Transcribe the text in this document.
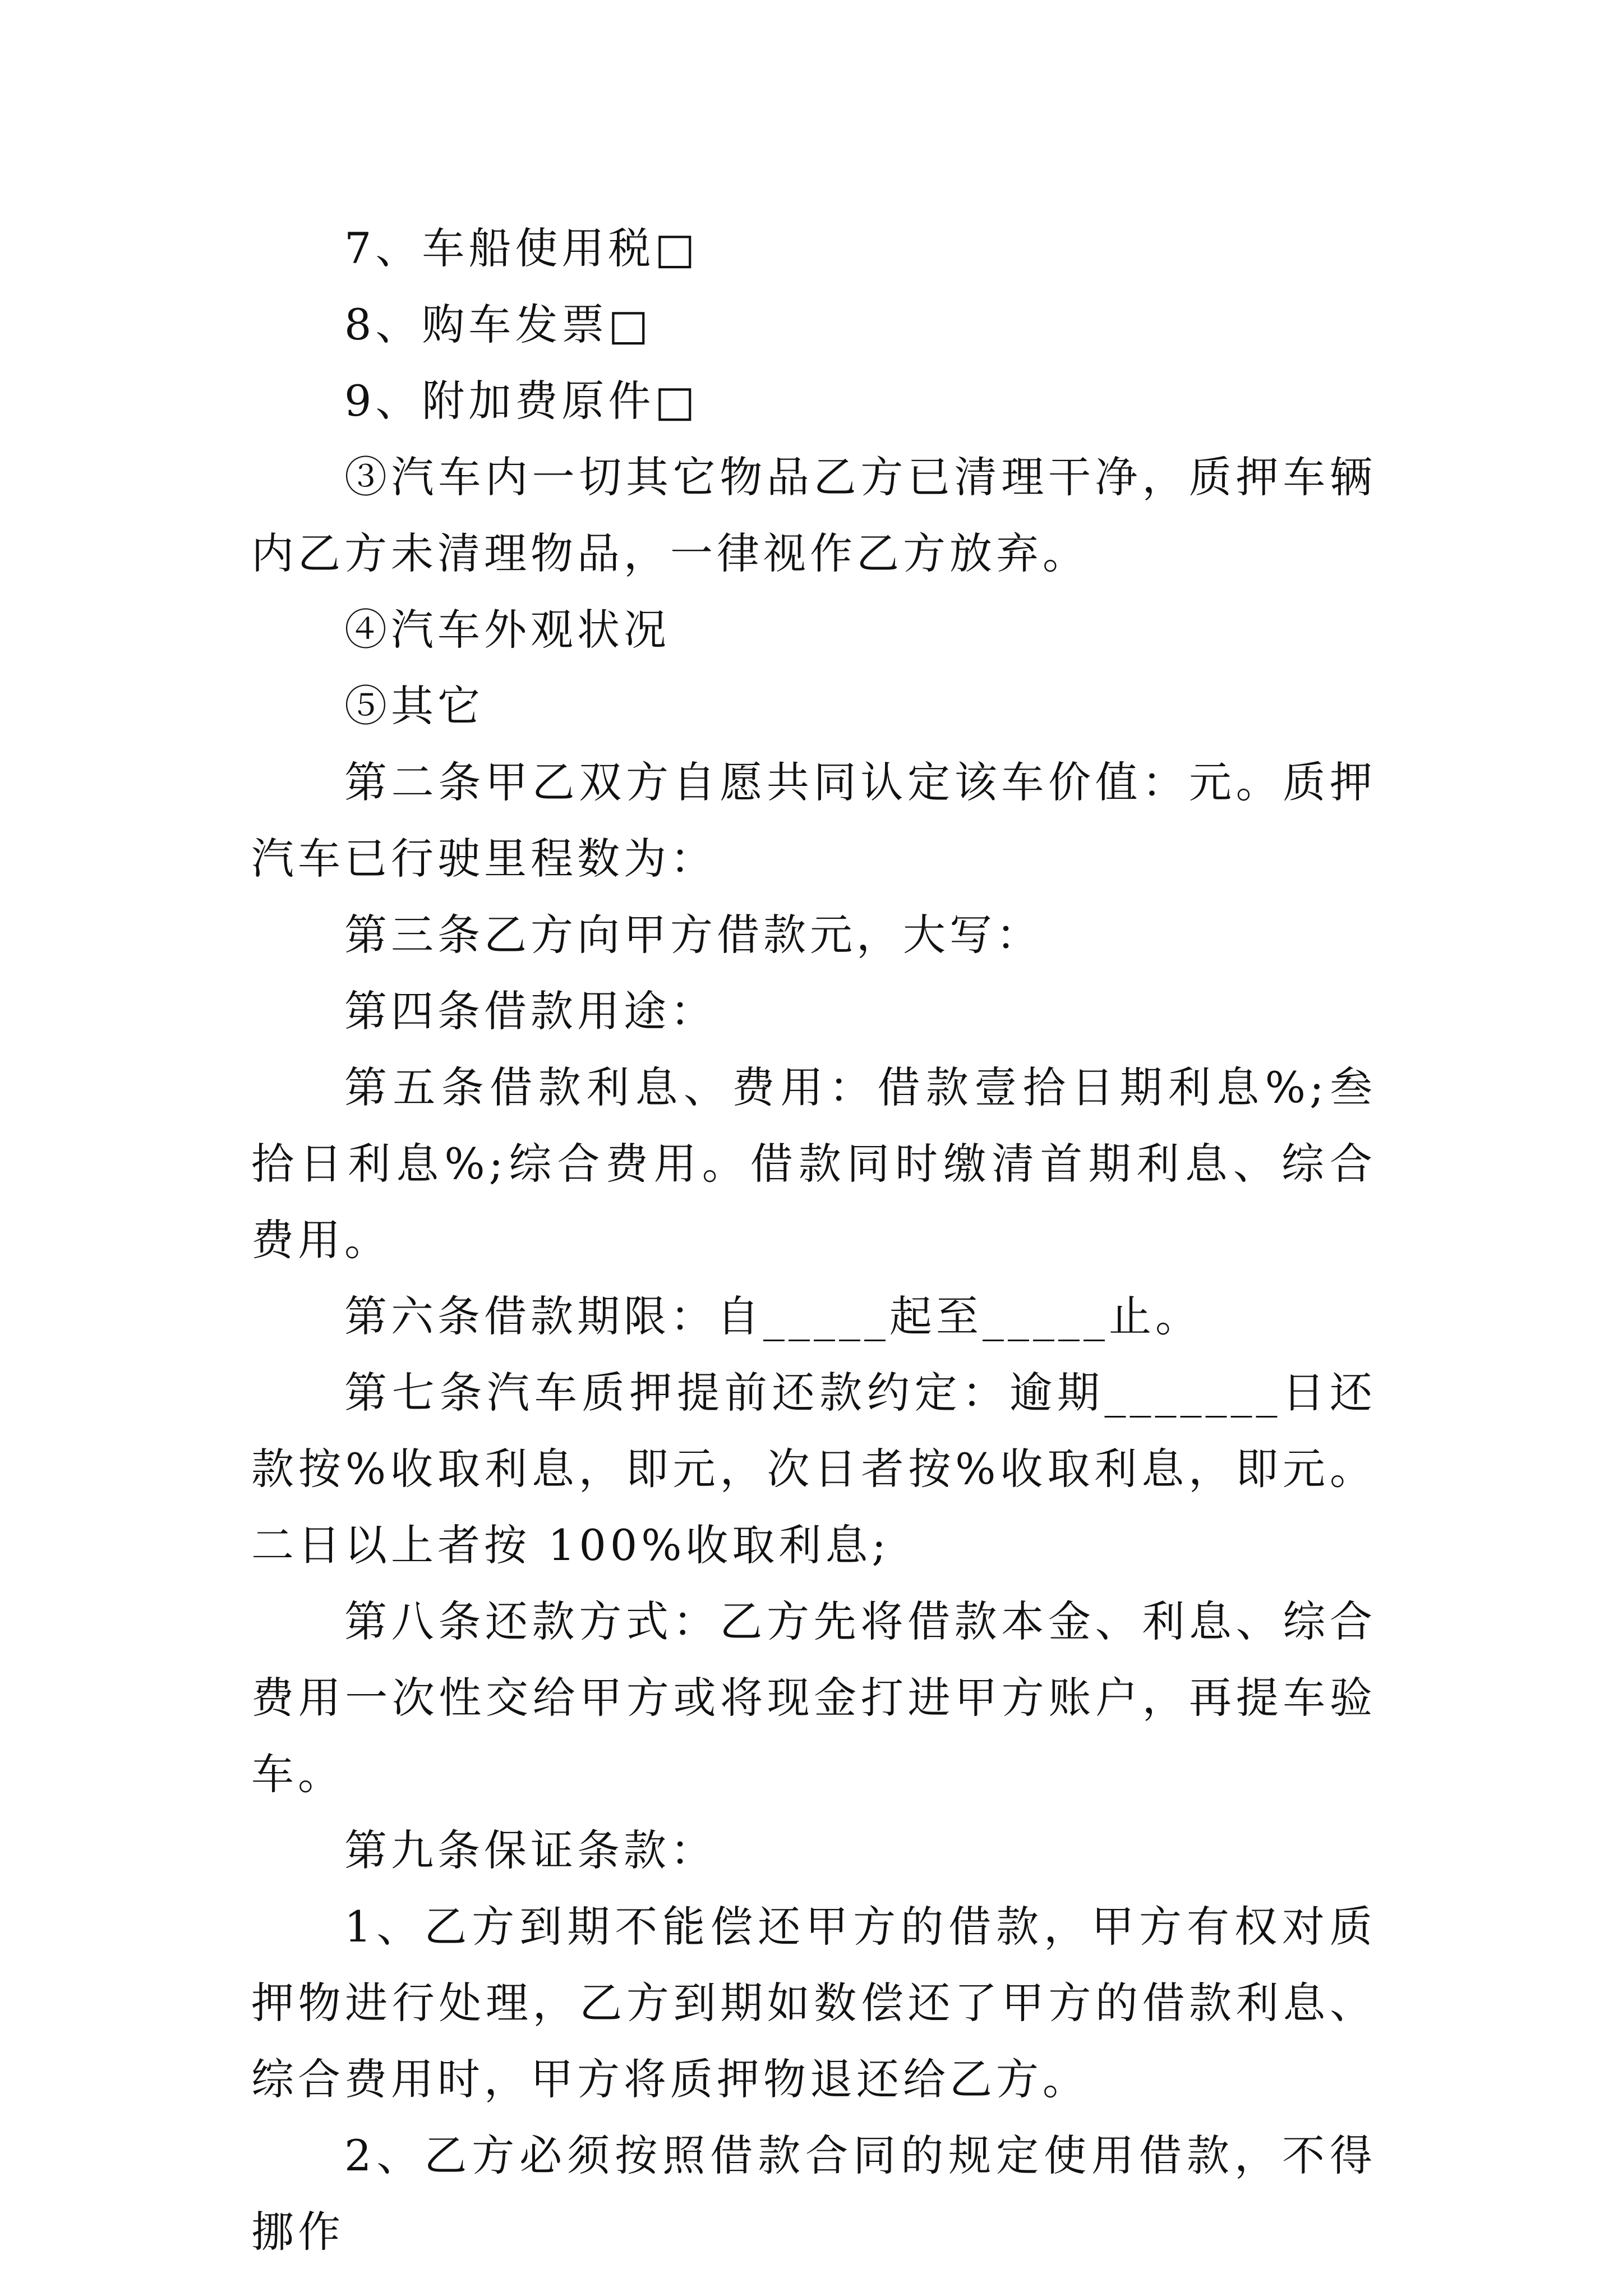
7、车船使用税□

8、购车发票□

9、附加费原件□

③汽车内一切其它物品乙方已清理干净，质押车辆内乙方未清理物品，一律视作乙方放弃。

④汽车外观状况

⑤其它

第二条甲乙双方自愿共同认定该车价值：元。质押汽车已行驶里程数为：

第三条乙方向甲方借款元，大写：

第四条借款用途：

第五条借款利息、费用：借款壹拾日期利息%;叁拾日利息%;综合费用。借款同时缴清首期利息、综合费用。

第六条借款期限：自_____起至_____止。

第七条汽车质押提前还款约定：逾期_______日还款按%收取利息，即元，次日者按%收取利息，即元。二日以上者按 100%收取利息;

第八条还款方式：乙方先将借款本金、利息、综合费用一次性交给甲方或将现金打进甲方账户，再提车验车。

第九条保证条款：

1、乙方到期不能偿还甲方的借款，甲方有权对质押物进行处理，乙方到期如数偿还了甲方的借款利息、综合费用时，甲方将质押物退还给乙方。

2、乙方必须按照借款合同的规定使用借款，不得挪作
